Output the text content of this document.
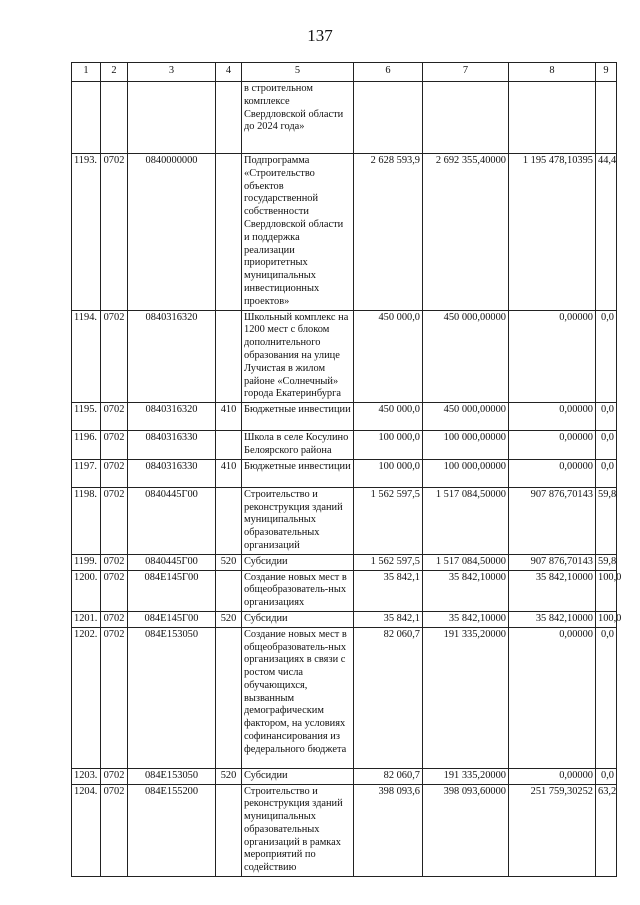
137
1	2	3	4	5	6	7	8	9
				в строительном комплексе Свердловской области до 2024 года»				
1193.	0702	0840000000		Подпрограмма «Строительство объектов государственной собственности Свердловской области и поддержка реализации приоритетных муниципальных инвестиционных проектов»	2 628 593,9	2 692 355,40000	1 195 478,10395	44,4
1194.	0702	0840316320		Школьный комплекс на 1200 мест с блоком дополнительного образования на улице Лучистая в жилом районе «Солнечный» города Екатеринбурга	450 000,0	450 000,00000	0,00000	0,0
1195.	0702	0840316320	410	Бюджетные инвестиции	450 000,0	450 000,00000	0,00000	0,0
1196.	0702	0840316330		Школа в селе Косулино Белоярского района	100 000,0	100 000,00000	0,00000	0,0
1197.	0702	0840316330	410	Бюджетные инвестиции	100 000,0	100 000,00000	0,00000	0,0
1198.	0702	0840445Г00		Строительство и реконструкция зданий муниципальных образовательных организаций	1 562 597,5	1 517 084,50000	907 876,70143	59,8
1199.	0702	0840445Г00	520	Субсидии	1 562 597,5	1 517 084,50000	907 876,70143	59,8
1200.	0702	084Е145Г00		Создание новых мест в общеобразователь-ных организациях	35 842,1	35 842,10000	35 842,10000	100,0
1201.	0702	084Е145Г00	520	Субсидии	35 842,1	35 842,10000	35 842,10000	100,0
1202.	0702	084Е153050		Создание новых мест в общеобразователь-ных организациях в связи с ростом числа обучающихся, вызванным демографическим фактором, на условиях софинансирования из федерального бюджета	82 060,7	191 335,20000	0,00000	0,0
1203.	0702	084Е153050	520	Субсидии	82 060,7	191 335,20000	0,00000	0,0
1204.	0702	084Е155200		Строительство и реконструкция зданий муниципальных образовательных организаций в рамках мероприятий по содействию	398 093,6	398 093,60000	251 759,30252	63,2
